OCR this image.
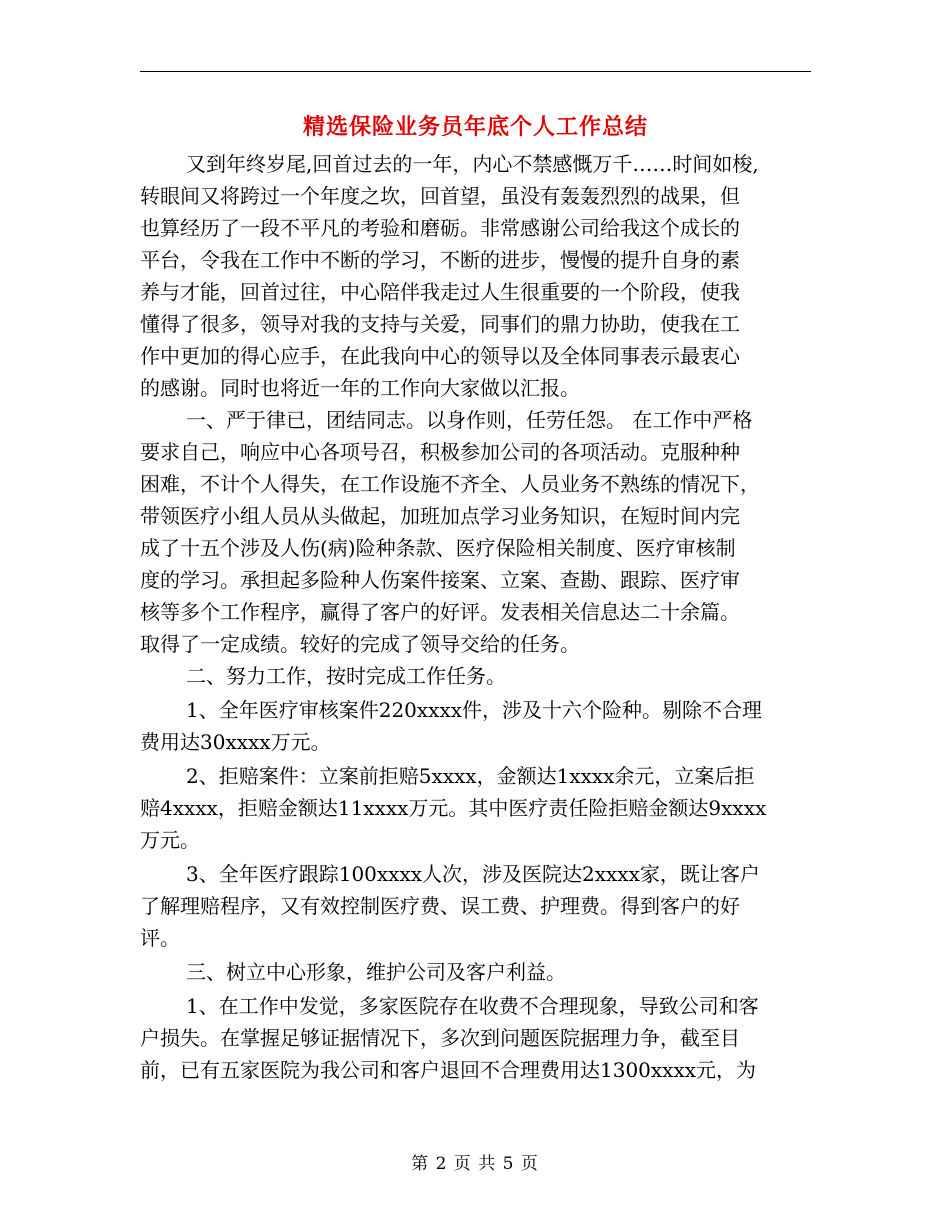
精选保险业务员年底个人工作总结
又到年终岁尾,回首过去的一年，内心不禁感慨万千……时间如梭,
转眼间又将跨过一个年度之坎，回首望，虽没有轰轰烈烈的战果，但
也算经历了一段不平凡的考验和磨砺。非常感谢公司给我这个成长的
平台，令我在工作中不断的学习，不断的进步，慢慢的提升自身的素
养与才能，回首过往，中心陪伴我走过人生很重要的一个阶段，使我
懂得了很多，领导对我的支持与关爱，同事们的鼎力协助，使我在工
作中更加的得心应手，在此我向中心的领导以及全体同事表示最衷心
的感谢。同时也将近一年的工作向大家做以汇报。
一、严于律已，团结同志。以身作则，任劳任怨。 在工作中严格
要求自己，响应中心各项号召，积极参加公司的各项活动。克服种种
困难，不计个人得失，在工作设施不齐全、人员业务不熟练的情况下，
带领医疗小组人员从头做起，加班加点学习业务知识，在短时间内完
成了十五个涉及人伤(病)险种条款、医疗保险相关制度、医疗审核制
度的学习。承担起多险种人伤案件接案、立案、查勘、跟踪、医疗审
核等多个工作程序，赢得了客户的好评。发表相关信息达二十余篇。
取得了一定成绩。较好的完成了领导交给的任务。
二、努力工作，按时完成工作任务。
1、全年医疗审核案件220xxxx件，涉及十六个险种。剔除不合理
费用达30xxxx万元。
2、拒赔案件：立案前拒赔5xxxx，金额达1xxxx余元，立案后拒
赔4xxxx，拒赔金额达11xxxx万元。其中医疗责任险拒赔金额达9xxxx
万元。
3、全年医疗跟踪100xxxx人次，涉及医院达2xxxx家，既让客户
了解理赔程序，又有效控制医疗费、误工费、护理费。得到客户的好
评。
三、树立中心形象，维护公司及客户利益。
1、在工作中发觉，多家医院存在收费不合理现象，导致公司和客
户损失。在掌握足够证据情况下，多次到问题医院据理力争，截至目
前，已有五家医院为我公司和客户退回不合理费用达1300xxxx元，为
第 2 页 共 5 页
